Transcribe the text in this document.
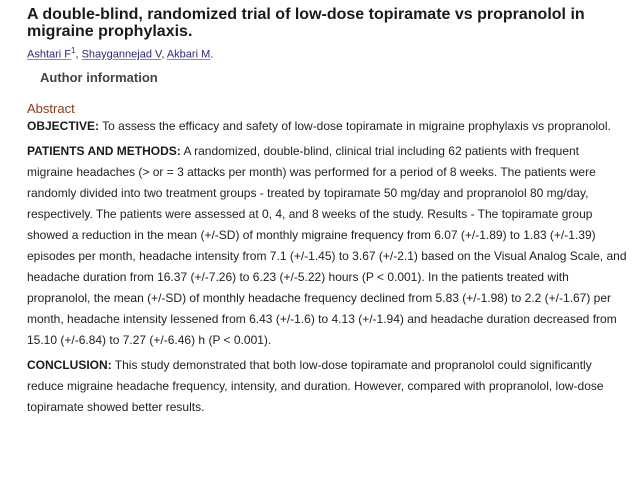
A double-blind, randomized trial of low-dose topiramate vs propranolol in migraine prophylaxis.
Ashtari $F^1$, Shaygannejad V, Akbari M.
Author information
Abstract

OBJECTIVE: To assess the efficacy and safety of low-dose topiramate in migraine prophylaxis vs propranolol.

PATIENTS AND METHODS: A randomized, double-blind, clinical trial including 62 patients with frequent migraine headaches (> or = 3 attacks per month) was performed for a period of 8 weeks. The patients were randomly divided into two treatment groups - treated by topiramate 50 mg/day and propranolol 80 mg/day, respectively. The patients were assessed at 0, 4, and 8 weeks of the study. Results - The topiramate group showed a reduction in the mean (+/-SD) of monthly migraine frequency from 6.07 (+/-1.89) to 1.83 (+/-1.39) episodes per month, headache intensity from 7.1 (+/-1.45) to 3.67 (+/-2.1) based on the Visual Analog Scale, and headache duration from 16.37 (+/-7.26) to 6.23 (+/-5.22) hours (P < 0.001). In the patients treated with propranolol, the mean (+/-SD) of monthly headache frequency declined from 5.83 (+/-1.98) to 2.2 (+/-1.67) per month, headache intensity lessened from 6.43 (+/-1.6) to 4.13 (+/-1.94) and headache duration decreased from 15.10 (+/-6.84) to 7.27 (+/-6.46) h (P < 0.001).

CONCLUSION: This study demonstrated that both low-dose topiramate and propranolol could significantly reduce migraine headache frequency, intensity, and duration. However, compared with propranolol, low-dose topiramate showed better results.
